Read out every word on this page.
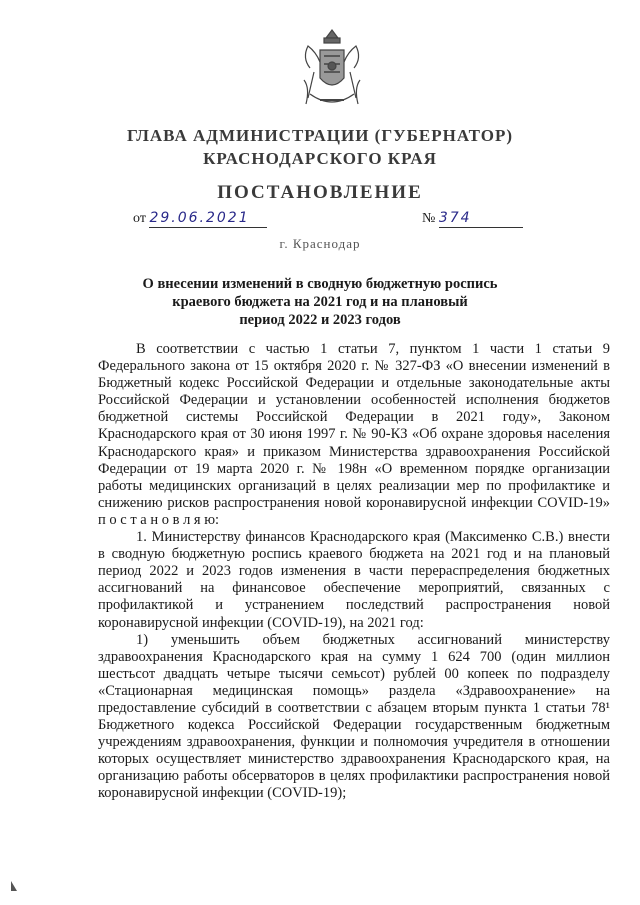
ГЛАВА АДМИНИСТРАЦИИ (ГУБЕРНАТОР)
КРАСНОДАРСКОГО КРАЯ
ПОСТАНОВЛЕНИЕ
от 29.06.2021	№ 374
г. Краснодар
О внесении изменений в сводную бюджетную роспись
краевого бюджета на 2021 год и на плановый
период 2022 и 2023 годов

В соответствии с частью 1 статьи 7, пунктом 1 части 1 статьи 9 Федерального закона от 15 октября 2020 г. № 327-ФЗ «О внесении изменений в Бюджетный кодекс Российской Федерации и отдельные законодательные акты Российской Федерации и установлении особенностей исполнения бюджетов бюджетной системы Российской Федерации в 2021 году», Законом Краснодарского края от 30 июня 1997 г. № 90-КЗ «Об охране здоровья населения Краснодарского края» и приказом Министерства здравоохранения Российской Федерации от 19 марта 2020 г. № 198н «О временном порядке организации работы медицинских организаций в целях реализации мер по профилактике и снижению рисков распространения новой коронавирусной инфекции COVID-19» п о с т а н о в л я ю:

1. Министерству финансов Краснодарского края (Максименко С.В.) внести в сводную бюджетную роспись краевого бюджета на 2021 год и на плановый период 2022 и 2023 годов изменения в части перераспределения бюджетных ассигнований на финансовое обеспечение мероприятий, связанных с профилактикой и устранением последствий распространения новой коронавирусной инфекции (COVID-19), на 2021 год:

1) уменьшить объем бюджетных ассигнований министерству здравоохранения Краснодарского края на сумму 1 624 700 (один миллион шестьсот двадцать четыре тысячи семьсот) рублей 00 копеек по подразделу «Стационарная медицинская помощь» раздела «Здравоохранение» на предоставление субсидий в соответствии с абзацем вторым пункта 1 статьи 78¹ Бюджетного кодекса Российской Федерации государственным бюджетным учреждениям здравоохранения, функции и полномочия учредителя в отношении которых осуществляет министерство здравоохранения Краснодарского края, на организацию работы обсерваторов в целях профилактики распространения новой коронавирусной инфекции (COVID-19);
